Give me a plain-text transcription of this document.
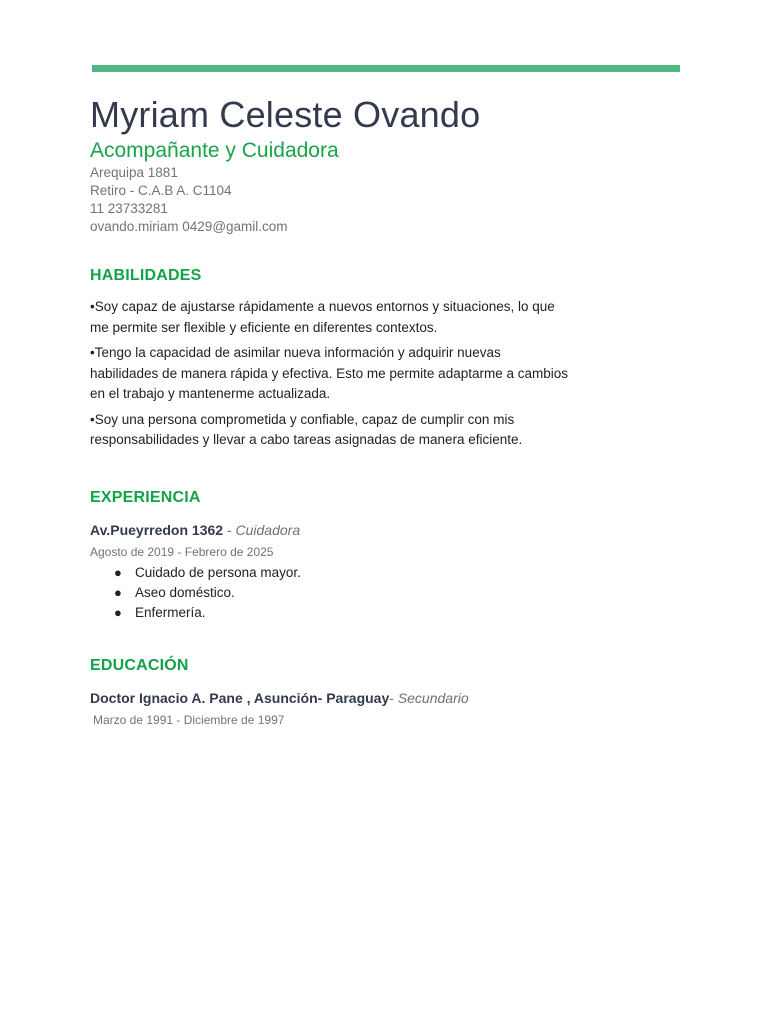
Myriam Celeste Ovando
Acompañante y Cuidadora
Arequipa 1881
Retiro - C.A.B A. C1104
11 23733281
ovando.miriam 0429@gamil.com
HABILIDADES

•Soy capaz de ajustarse rápidamente a nuevos entornos y situaciones, lo que me permite ser flexible y eficiente en diferentes contextos.

•Tengo la capacidad de asimilar nueva información y adquirir nuevas habilidades de manera rápida y efectiva. Esto me permite adaptarme a cambios en el trabajo y mantenerme actualizada.

•Soy una persona comprometida y confiable, capaz de cumplir con mis responsabilidades y llevar a cabo tareas asignadas de manera eficiente.

EXPERIENCIA
Av.Pueyrredon 1362 - Cuidadora
Agosto de 2019 - Febrero de 2025
● Cuidado de persona mayor.
● Aseo doméstico.
● Enfermería.
EDUCACIÓN
Doctor Ignacio A. Pane , Asunción- Paraguay- Secundario
Marzo de 1991 - Diciembre de 1997
